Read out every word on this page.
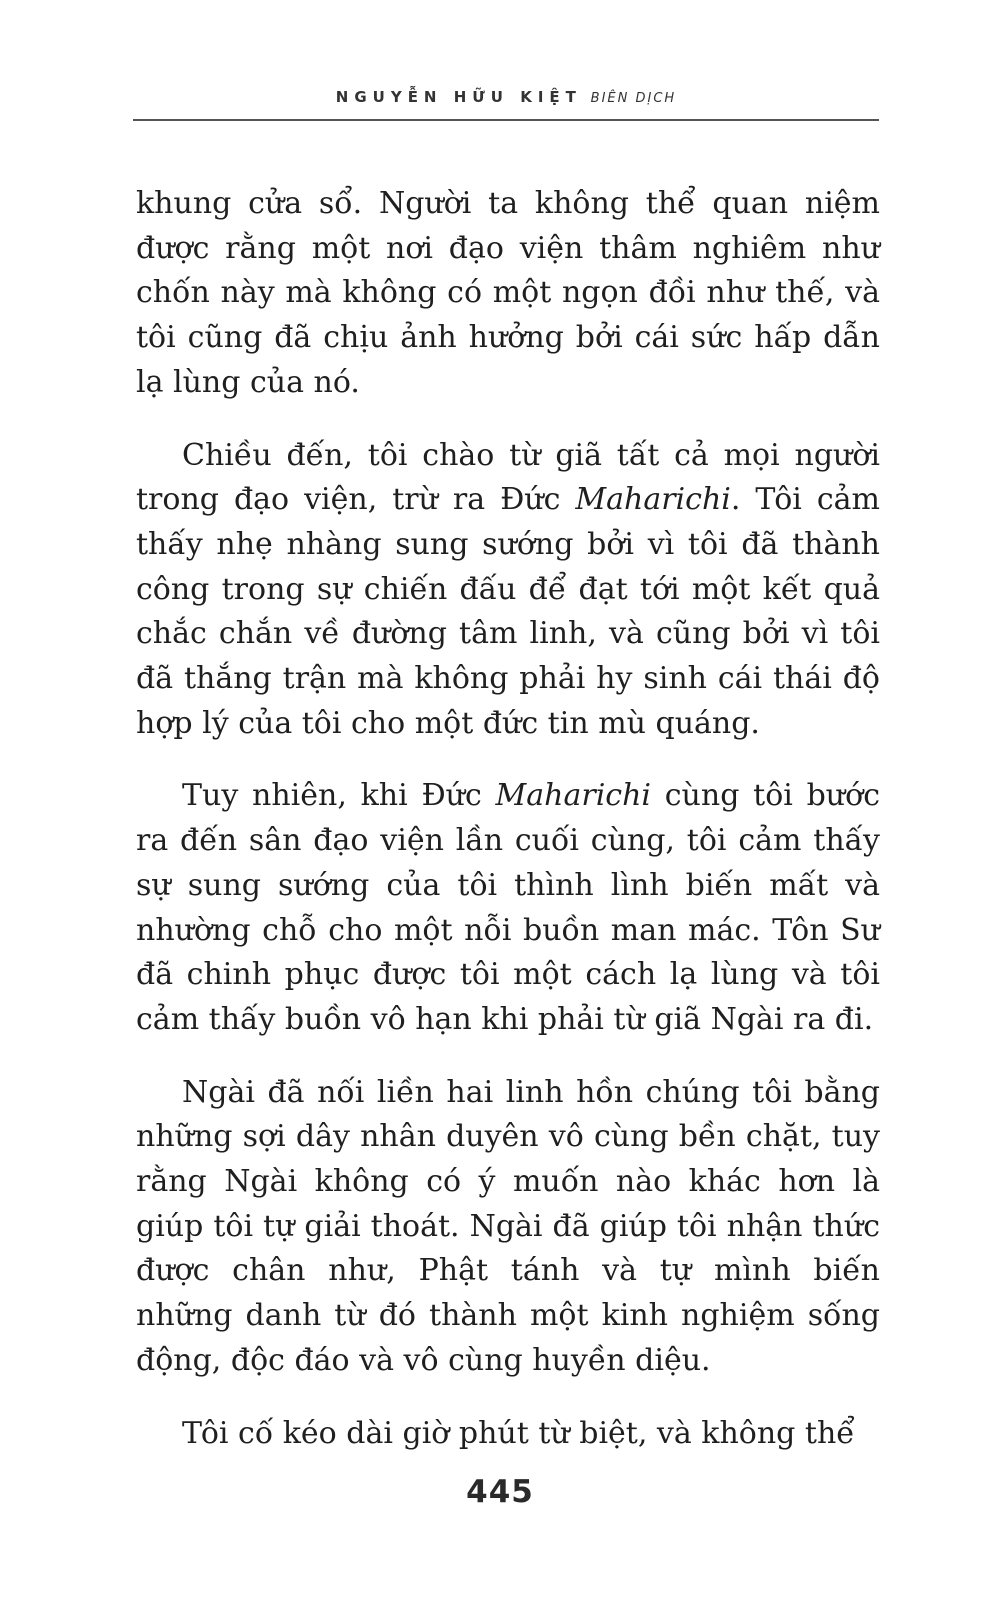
NGUYỄN HỮU KIỆT BIÊN DỊCH

khung cửa sổ. Người ta không thể quan niệm được rằng một nơi đạo viện thâm nghiêm như chốn này mà không có một ngọn đồi như thế, và tôi cũng đã chịu ảnh hưởng bởi cái sức hấp dẫn lạ lùng của nó.

Chiều đến, tôi chào từ giã tất cả mọi người trong đạo viện, trừ ra Đức Maharichi. Tôi cảm thấy nhẹ nhàng sung sướng bởi vì tôi đã thành công trong sự chiến đấu để đạt tới một kết quả chắc chắn về đường tâm linh, và cũng bởi vì tôi đã thắng trận mà không phải hy sinh cái thái độ hợp lý của tôi cho một đức tin mù quáng.

Tuy nhiên, khi Đức Maharichi cùng tôi bước ra đến sân đạo viện lần cuối cùng, tôi cảm thấy sự sung sướng của tôi thình lình biến mất và nhường chỗ cho một nỗi buồn man mác. Tôn Sư đã chinh phục được tôi một cách lạ lùng và tôi cảm thấy buồn vô hạn khi phải từ giã Ngài ra đi.

Ngài đã nối liền hai linh hồn chúng tôi bằng những sợi dây nhân duyên vô cùng bền chặt, tuy rằng Ngài không có ý muốn nào khác hơn là giúp tôi tự giải thoát. Ngài đã giúp tôi nhận thức được chân như, Phật tánh và tự mình biến những danh từ đó thành một kinh nghiệm sống động, độc đáo và vô cùng huyền diệu.

Tôi cố kéo dài giờ phút từ biệt, và không thể

445
